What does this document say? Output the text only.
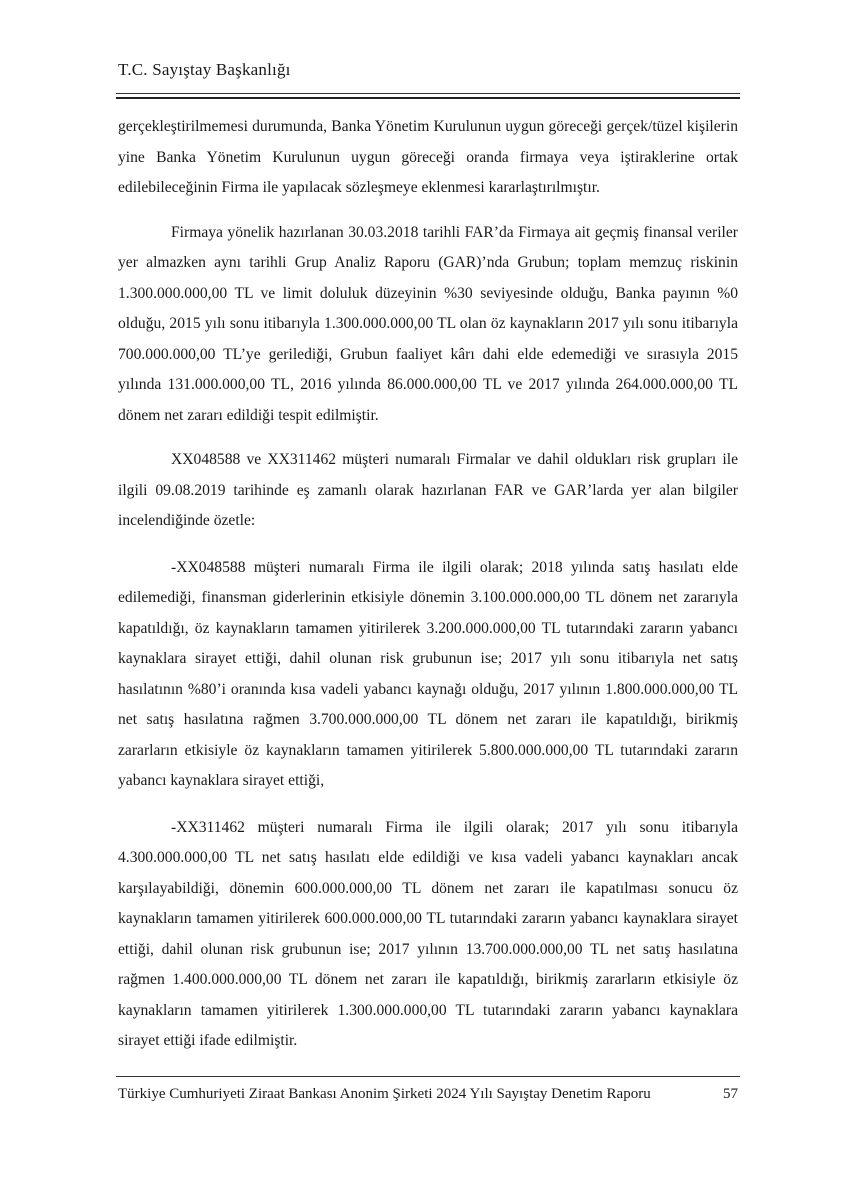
T.C. Sayıştay Başkanlığı

gerçekleştirilmemesi durumunda, Banka Yönetim Kurulunun uygun göreceği gerçek/tüzel kişilerin yine Banka Yönetim Kurulunun uygun göreceği oranda firmaya veya iştiraklerine ortak edilebileceğinin Firma ile yapılacak sözleşmeye eklenmesi kararlaştırılmıştır.

Firmaya yönelik hazırlanan 30.03.2018 tarihli FAR’da Firmaya ait geçmiş finansal veriler yer almazken aynı tarihli Grup Analiz Raporu (GAR)’nda Grubun; toplam memzuç riskinin 1.300.000.000,00 TL ve limit doluluk düzeyinin %30 seviyesinde olduğu, Banka payının %0 olduğu, 2015 yılı sonu itibarıyla 1.300.000.000,00 TL olan öz kaynakların 2017 yılı sonu itibarıyla 700.000.000,00 TL’ye gerilediği, Grubun faaliyet kârı dahi elde edemediği ve sırasıyla 2015 yılında 131.000.000,00 TL, 2016 yılında 86.000.000,00 TL ve 2017 yılında 264.000.000,00 TL dönem net zararı edildiği tespit edilmiştir.

XX048588 ve XX311462 müşteri numaralı Firmalar ve dahil oldukları risk grupları ile ilgili 09.08.2019 tarihinde eş zamanlı olarak hazırlanan FAR ve GAR’larda yer alan bilgiler incelendiğinde özetle:

-XX048588 müşteri numaralı Firma ile ilgili olarak; 2018 yılında satış hasılatı elde edilemediği, finansman giderlerinin etkisiyle dönemin 3.100.000.000,00 TL dönem net zararıyla kapatıldığı, öz kaynakların tamamen yitirilerek 3.200.000.000,00 TL tutarındaki zararın yabancı kaynaklara sirayet ettiği, dahil olunan risk grubunun ise; 2017 yılı sonu itibarıyla net satış hasılatının %80’i oranında kısa vadeli yabancı kaynağı olduğu, 2017 yılının 1.800.000.000,00 TL net satış hasılatına rağmen 3.700.000.000,00 TL dönem net zararı ile kapatıldığı, birikmiş zararların etkisiyle öz kaynakların tamamen yitirilerek 5.800.000.000,00 TL tutarındaki zararın yabancı kaynaklara sirayet ettiği,

-XX311462 müşteri numaralı Firma ile ilgili olarak; 2017 yılı sonu itibarıyla 4.300.000.000,00 TL net satış hasılatı elde edildiği ve kısa vadeli yabancı kaynakları ancak karşılayabildiği, dönemin 600.000.000,00 TL dönem net zararı ile kapatılması sonucu öz kaynakların tamamen yitirilerek 600.000.000,00 TL tutarındaki zararın yabancı kaynaklara sirayet ettiği, dahil olunan risk grubunun ise; 2017 yılının 13.700.000.000,00 TL net satış hasılatına rağmen 1.400.000.000,00 TL dönem net zararı ile kapatıldığı, birikmiş zararların etkisiyle öz kaynakların tamamen yitirilerek 1.300.000.000,00 TL tutarındaki zararın yabancı kaynaklara sirayet ettiği ifade edilmiştir.

Türkiye Cumhuriyeti Ziraat Bankası Anonim Şirketi 2024 Yılı Sayıştay Denetim Raporu	57
